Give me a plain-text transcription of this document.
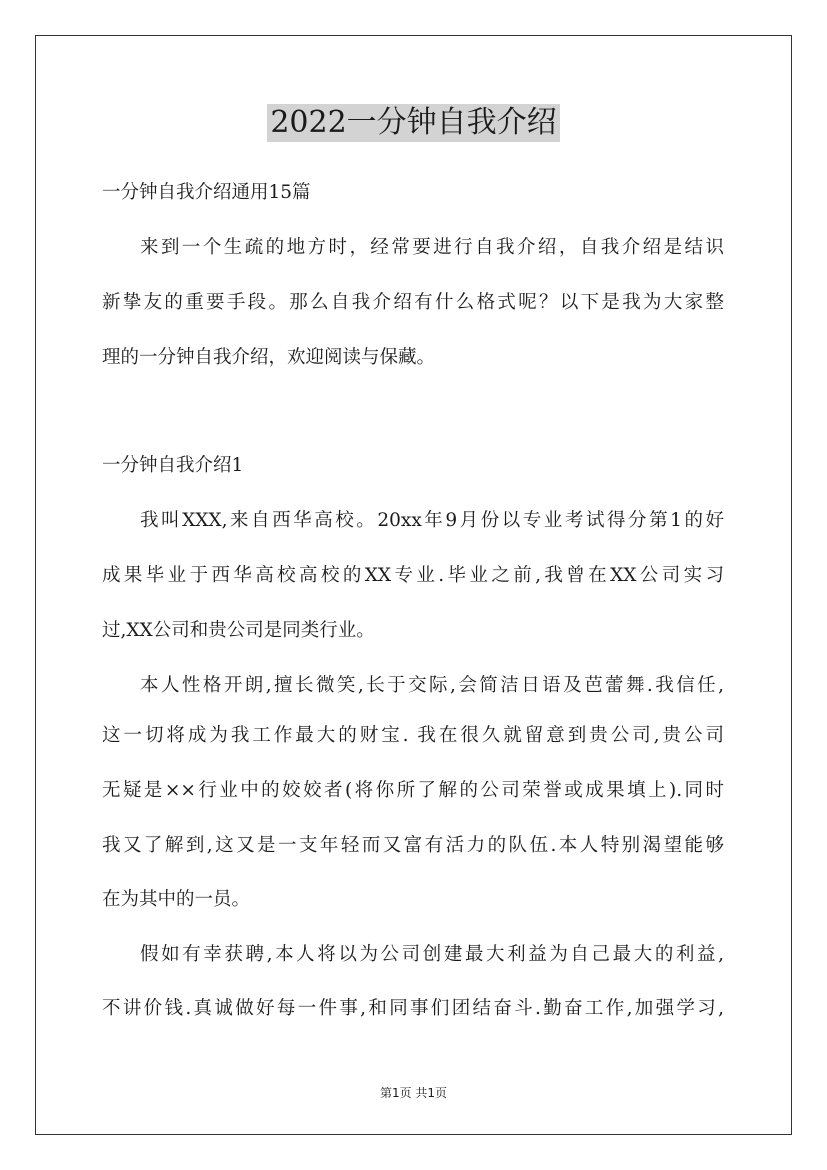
2022一分钟自我介绍
一分钟自我介绍通用15篇
来到一个生疏的地方时，经常要进行自我介绍，自我介绍是结识
新挚友的重要手段。那么自我介绍有什么格式呢？以下是我为大家整
理的一分钟自我介绍，欢迎阅读与保藏。
一分钟自我介绍1
我叫XXX,来自西华高校。20xx年9月份以专业考试得分第1的好
成果毕业于西华高校高校的XX专业.毕业之前,我曾在XX公司实习
过,XX公司和贵公司是同类行业。
本人性格开朗,擅长微笑,长于交际,会简洁日语及芭蕾舞.我信任,
这一切将成为我工作最大的财宝. 我在很久就留意到贵公司,贵公司
无疑是××行业中的姣姣者(将你所了解的公司荣誉或成果填上).同时
我又了解到,这又是一支年轻而又富有活力的队伍.本人特别渴望能够
在为其中的一员。
假如有幸获聘,本人将以为公司创建最大利益为自己最大的利益,
不讲价钱.真诚做好每一件事,和同事们团结奋斗.勤奋工作,加强学习,
第1页 共1页
